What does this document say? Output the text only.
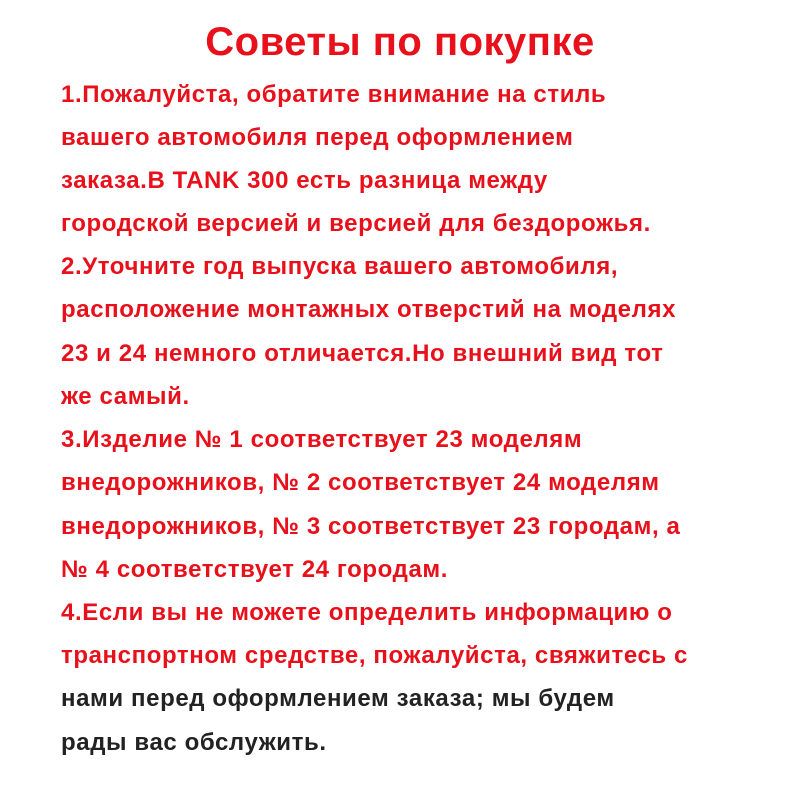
Советы по покупке
1.Пожалуйста, обратите внимание на стиль
вашего автомобиля перед оформлением
заказа.В TANK 300 есть разница между
городской версией и версией для бездорожья.
2.Уточните год выпуска вашего автомобиля,
расположение монтажных отверстий на моделях
23 и 24 немного отличается.Но внешний вид тот
же самый.
3.Изделие № 1 соответствует 23 моделям
внедорожников, № 2 соответствует 24 моделям
внедорожников, № 3 соответствует 23 городам, а
№ 4 соответствует 24 городам.
4.Если вы не можете определить информацию о
транспортном средстве, пожалуйста, свяжитесь с
нами перед оформлением заказа; мы будем
рады вас обслужить.
